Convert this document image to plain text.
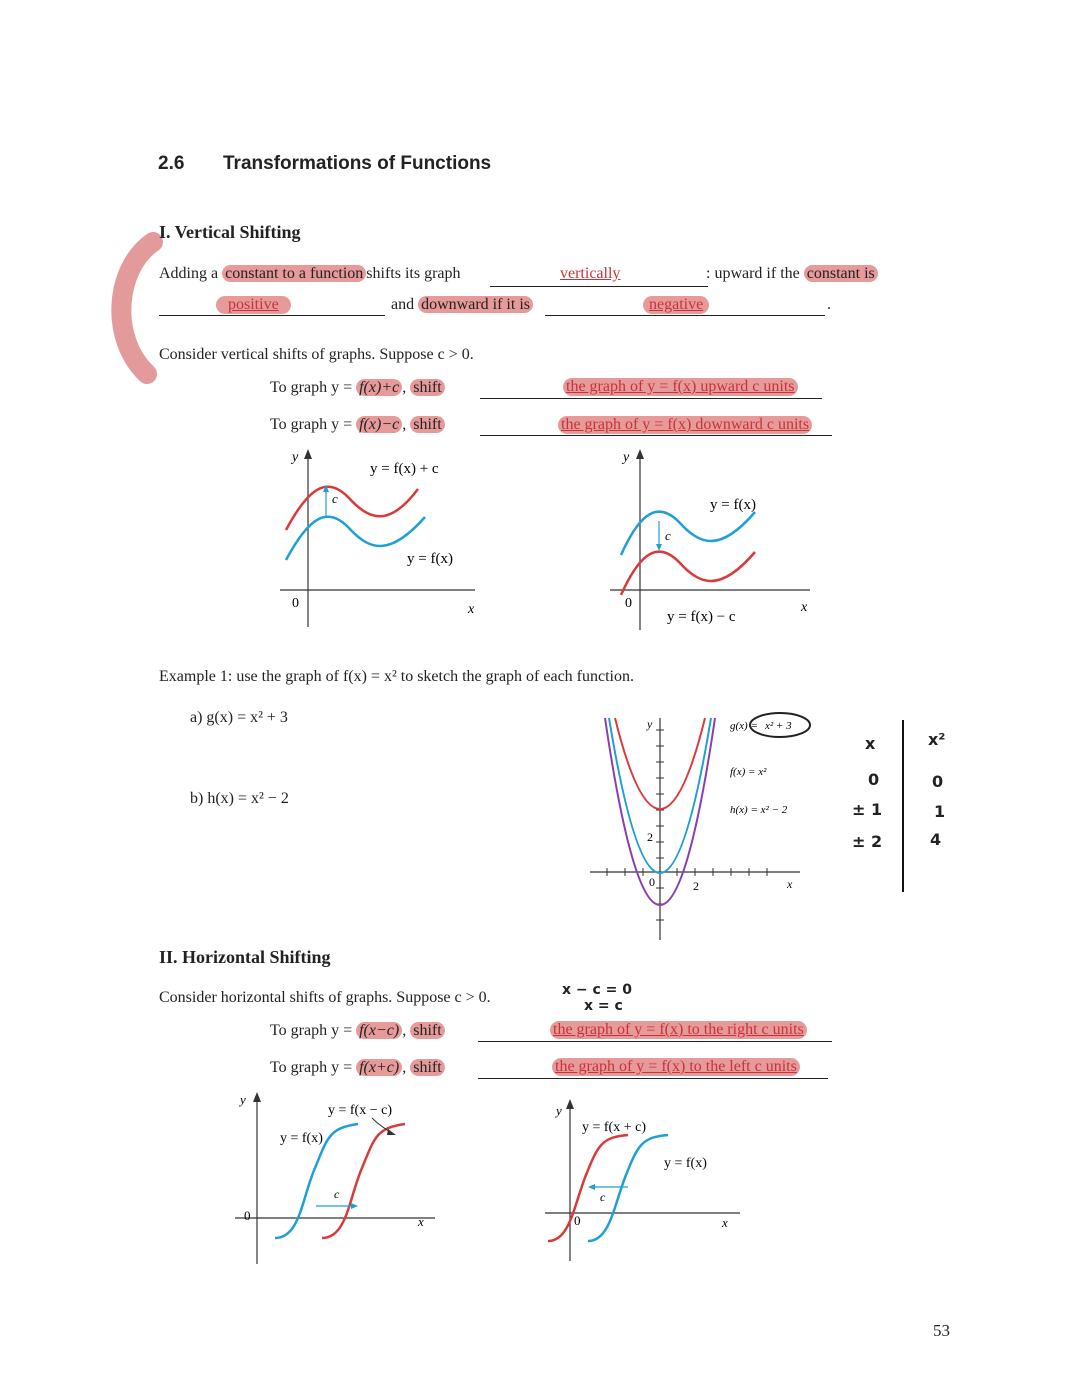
2.6 Transformations of Functions
I. Vertical Shifting
Adding a constant to a function shifts its graph	vertically	: upward if the constant is
positive	and downward if it is	negative	.
Consider vertical shifts of graphs. Suppose c > 0.
To graph y = f(x)+c , shift	the graph of y = f(x) upward c units
To graph y = f(x)−c , shift	the graph of y = f(x) downward c units
y
x
0
c
y = f(x) + c
y = f(x)
y
x
0
c
y = f(x)
y = f(x) − c
Example 1: use the graph of f(x) = x² to sketch the graph of each function.
a) g(x) = x² + 3
b) h(x) = x² − 2
y
x
0	2
2
g(x) = x² + 3
f(x) = x²
h(x) = x² − 2
x	x²
0	0
± 1	1
± 2	4
II. Horizontal Shifting
Consider horizontal shifts of graphs. Suppose c > 0.	x − c = 0
x = c
To graph y = f(x−c) , shift	the graph of y = f(x) to the right c units
To graph y = f(x+c) , shift	the graph of y = f(x) to the left c units
y
x
0
c
y = f(x − c)
y = f(x)
y
x
0
c
y = f(x + c)
y = f(x)
53
